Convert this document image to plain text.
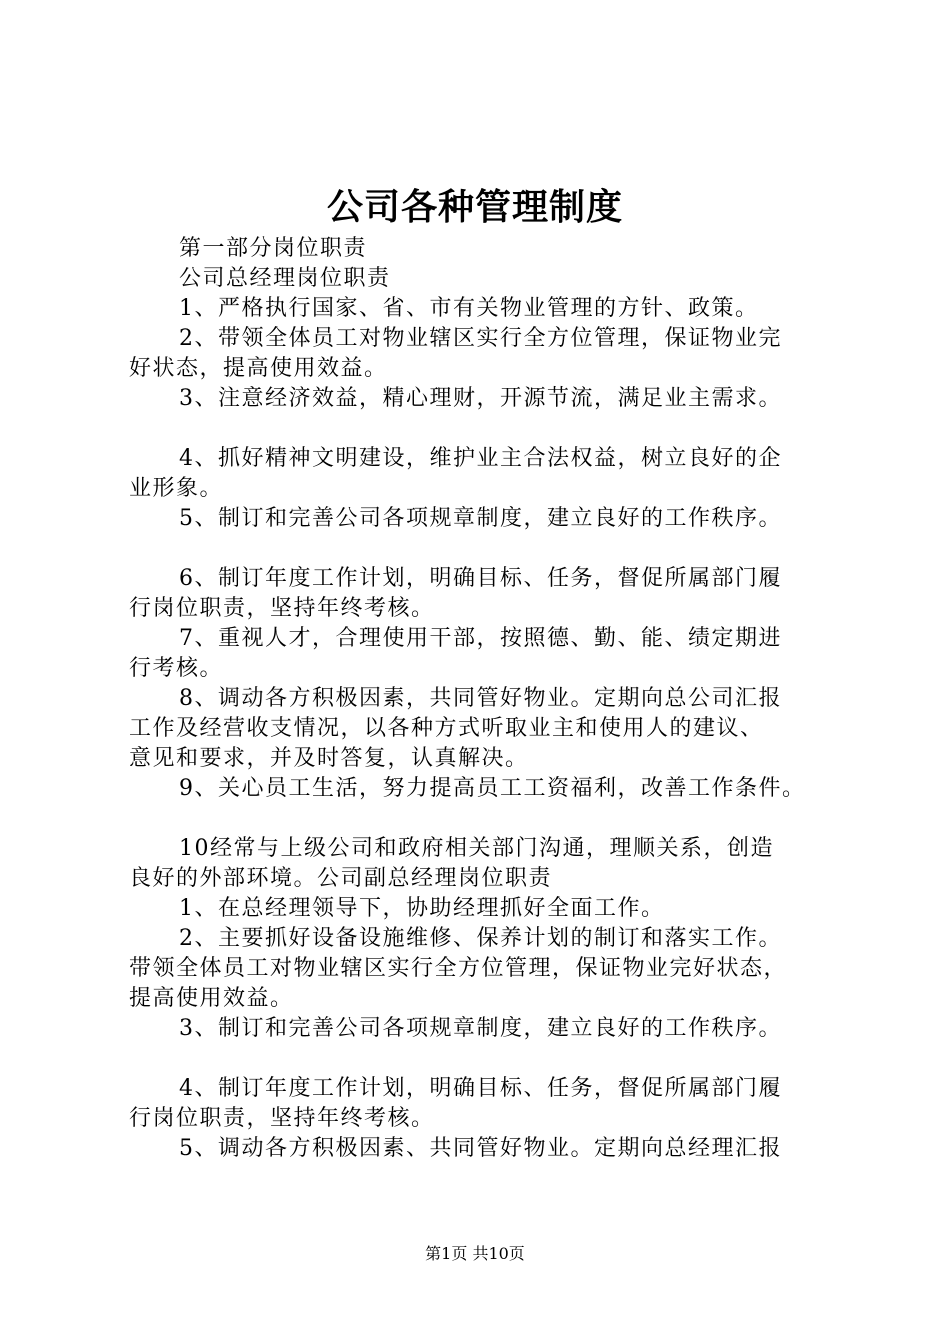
公司各种管理制度
第一部分岗位职责
公司总经理岗位职责
1、严格执行国家、省、市有关物业管理的方针、政策。
2、带领全体员工对物业辖区实行全方位管理，保证物业完
好状态，提高使用效益。
3、注意经济效益，精心理财，开源节流，满足业主需求。
4、抓好精神文明建设，维护业主合法权益，树立良好的企
业形象。
5、制订和完善公司各项规章制度，建立良好的工作秩序。
6、制订年度工作计划，明确目标、任务，督促所属部门履
行岗位职责，坚持年终考核。
7、重视人才，合理使用干部，按照德、勤、能、绩定期进
行考核。
8、调动各方积极因素，共同管好物业。定期向总公司汇报
工作及经营收支情况，以各种方式听取业主和使用人的建议、
意见和要求，并及时答复，认真解决。
9、关心员工生活，努力提高员工工资福利，改善工作条件。
10经常与上级公司和政府相关部门沟通，理顺关系，创造
良好的外部环境。公司副总经理岗位职责
1、在总经理领导下，协助经理抓好全面工作。
2、主要抓好设备设施维修、保养计划的制订和落实工作。
带领全体员工对物业辖区实行全方位管理，保证物业完好状态，
提高使用效益。
3、制订和完善公司各项规章制度，建立良好的工作秩序。
4、制订年度工作计划，明确目标、任务，督促所属部门履
行岗位职责，坚持年终考核。
5、调动各方积极因素、共同管好物业。定期向总经理汇报
第1页 共10页
